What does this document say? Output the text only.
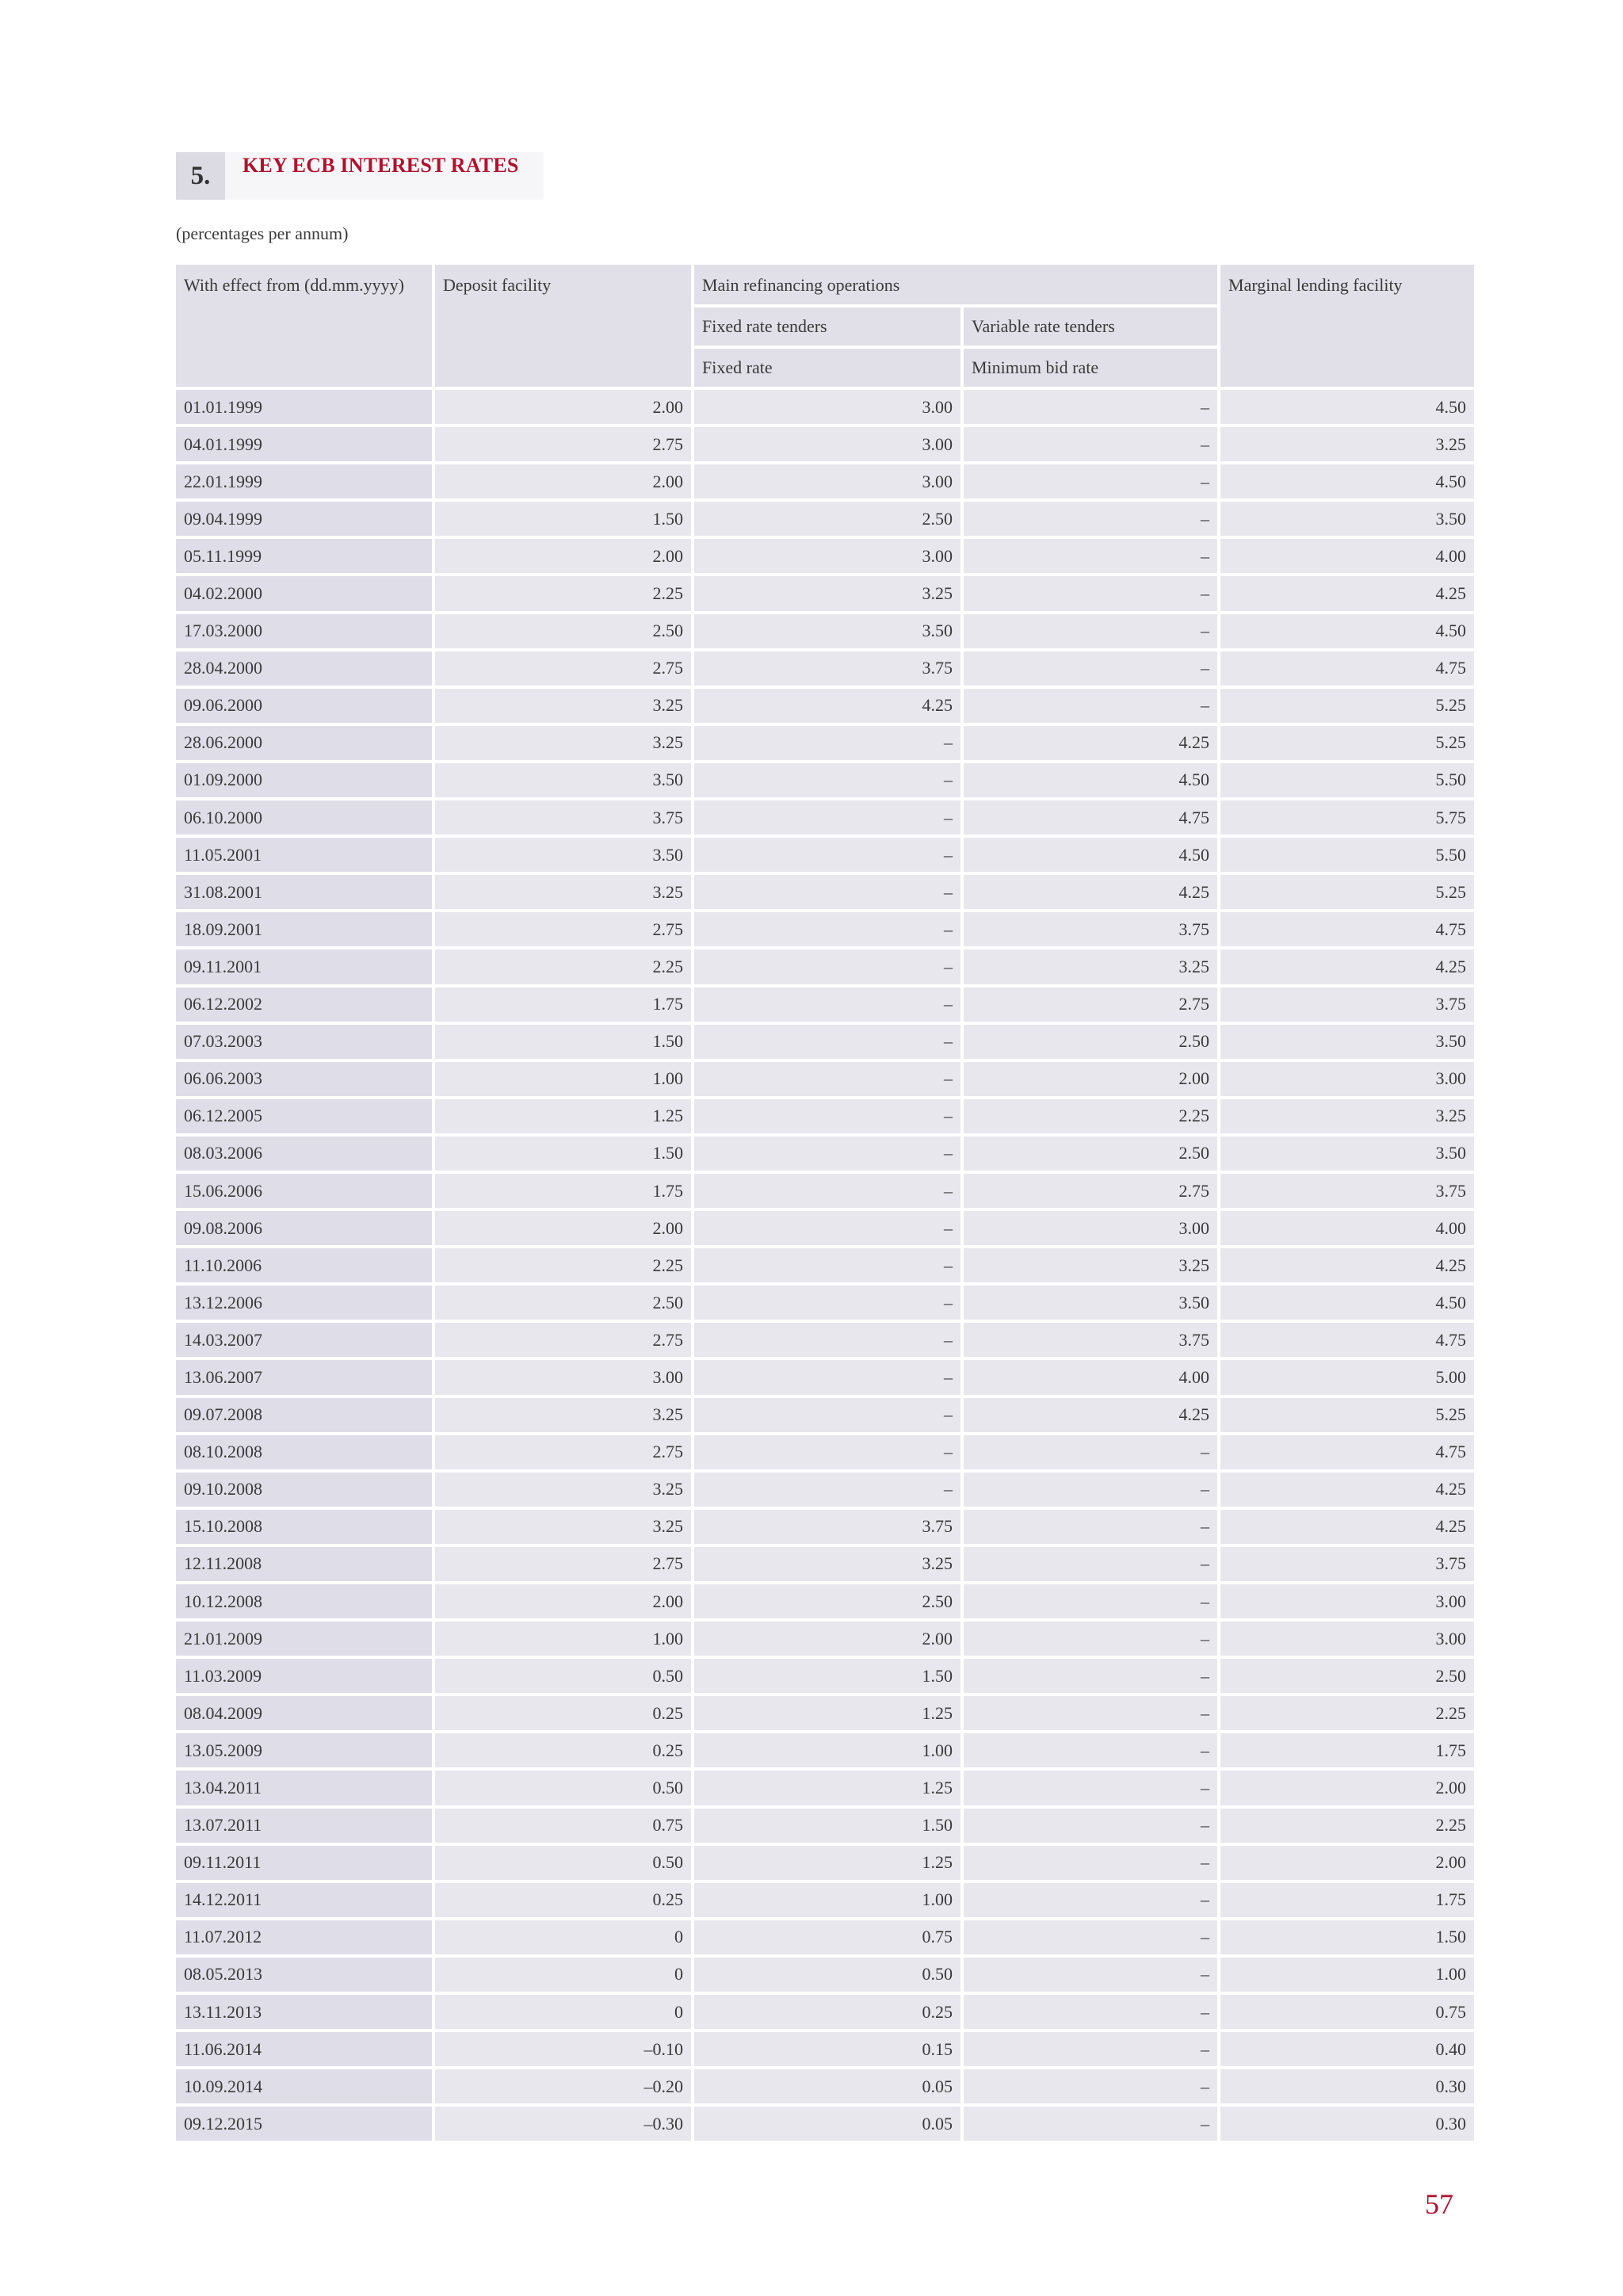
5.	KEY ECB INTEREST RATES
(percentages per annum)
With effect from (dd.mm.yyyy)	Deposit facility	Main refinancing operations		Marginal lending facility
		Fixed rate tenders	Variable rate tenders	
		Fixed rate	Minimum bid rate	
01.01.1999	2.00	3.00	–	4.50
04.01.1999	2.75	3.00	–	3.25
22.01.1999	2.00	3.00	–	4.50
09.04.1999	1.50	2.50	–	3.50
05.11.1999	2.00	3.00	–	4.00
04.02.2000	2.25	3.25	–	4.25
17.03.2000	2.50	3.50	–	4.50
28.04.2000	2.75	3.75	–	4.75
09.06.2000	3.25	4.25	–	5.25
28.06.2000	3.25	–	4.25	5.25
01.09.2000	3.50	–	4.50	5.50
06.10.2000	3.75	–	4.75	5.75
11.05.2001	3.50	–	4.50	5.50
31.08.2001	3.25	–	4.25	5.25
18.09.2001	2.75	–	3.75	4.75
09.11.2001	2.25	–	3.25	4.25
06.12.2002	1.75	–	2.75	3.75
07.03.2003	1.50	–	2.50	3.50
06.06.2003	1.00	–	2.00	3.00
06.12.2005	1.25	–	2.25	3.25
08.03.2006	1.50	–	2.50	3.50
15.06.2006	1.75	–	2.75	3.75
09.08.2006	2.00	–	3.00	4.00
11.10.2006	2.25	–	3.25	4.25
13.12.2006	2.50	–	3.50	4.50
14.03.2007	2.75	–	3.75	4.75
13.06.2007	3.00	–	4.00	5.00
09.07.2008	3.25	–	4.25	5.25
08.10.2008	2.75	–	–	4.75
09.10.2008	3.25	–	–	4.25
15.10.2008	3.25	3.75	–	4.25
12.11.2008	2.75	3.25	–	3.75
10.12.2008	2.00	2.50	–	3.00
21.01.2009	1.00	2.00	–	3.00
11.03.2009	0.50	1.50	–	2.50
08.04.2009	0.25	1.25	–	2.25
13.05.2009	0.25	1.00	–	1.75
13.04.2011	0.50	1.25	–	2.00
13.07.2011	0.75	1.50	–	2.25
09.11.2011	0.50	1.25	–	2.00
14.12.2011	0.25	1.00	–	1.75
11.07.2012	0	0.75	–	1.50
08.05.2013	0	0.50	–	1.00
13.11.2013	0	0.25	–	0.75
11.06.2014	–0.10	0.15	–	0.40
10.09.2014	–0.20	0.05	–	0.30
09.12.2015	–0.30	0.05	–	0.30
57
